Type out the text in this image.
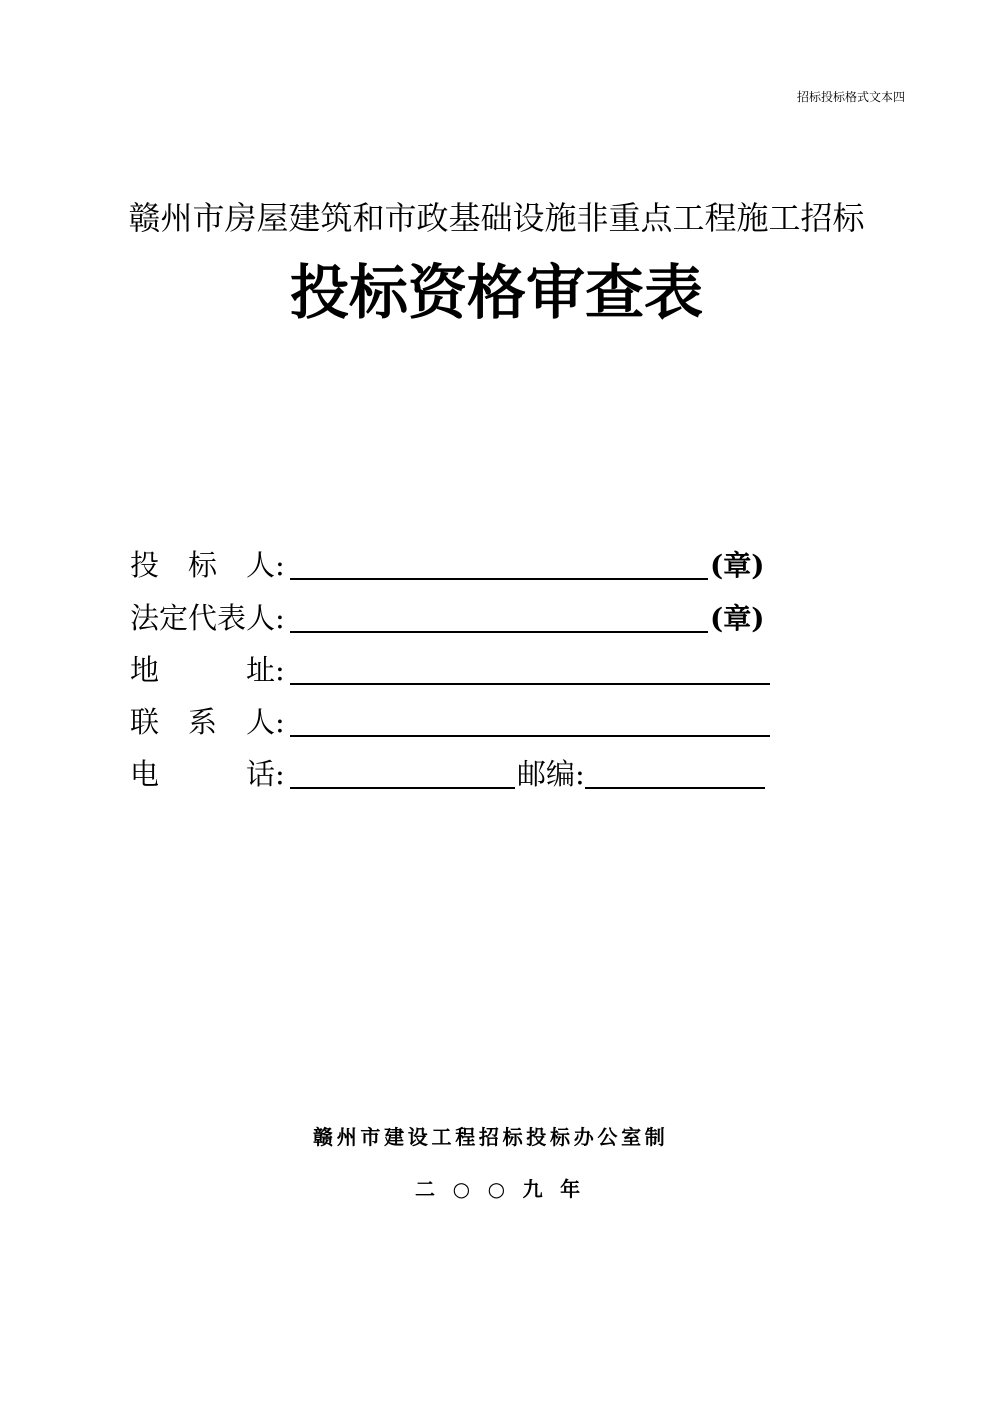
招标投标格式文本四
赣州市房屋建筑和市政基础设施非重点工程施工招标
投标资格审查表
投　标　人:	(章)
法定代表人:	(章)
地　　　址:
联　系　人:
电　　　话:	邮编:
赣州市建设工程招标投标办公室制
二 ○ ○ 九 年
